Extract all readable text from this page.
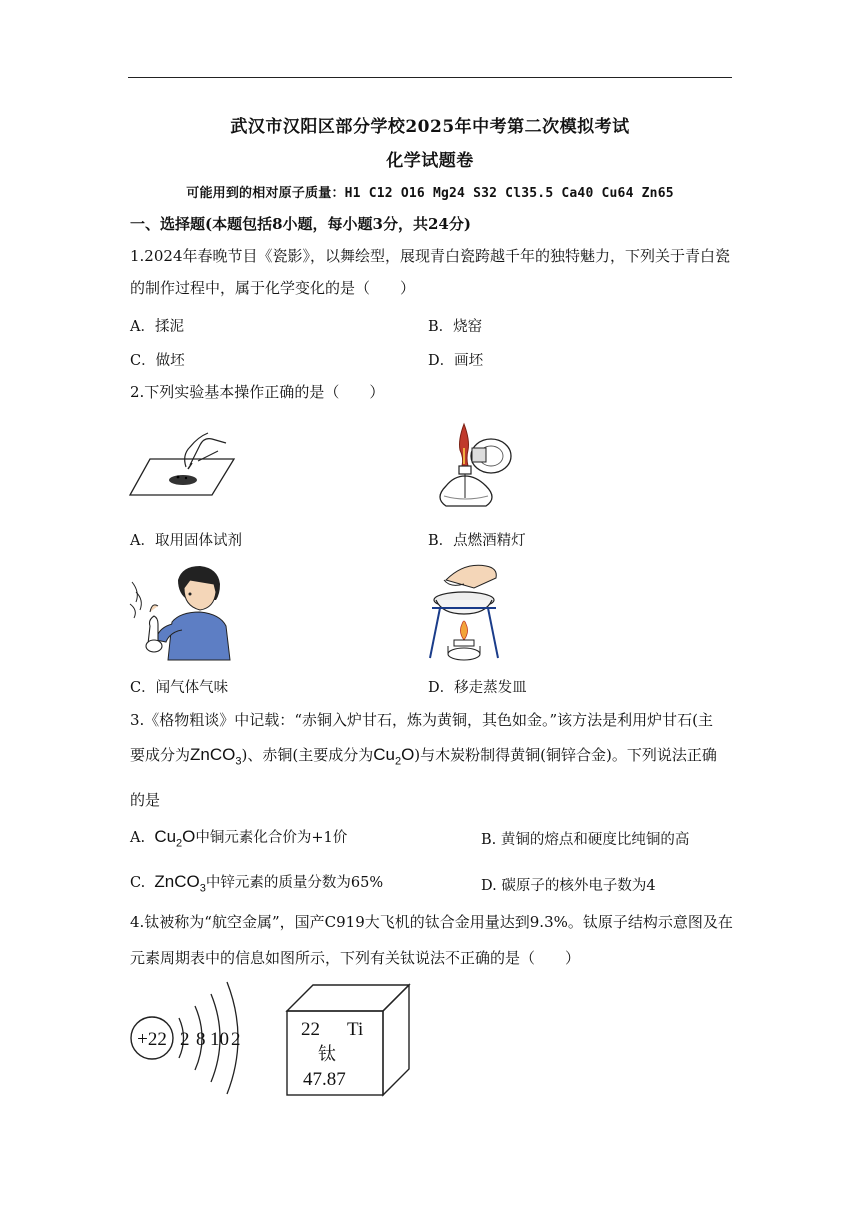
武汉市汉阳区部分学校2025年中考第二次模拟考试
化学试题卷
可能用到的相对原子质量：H1 C12 O16 Mg24 S32 Cl35.5 Ca40 Cu64 Zn65
一、选择题(本题包括8小题，每小题3分，共24分)
1.2024年春晚节目《瓷影》，以舞绘型，展现青白瓷跨越千年的独特魅力，下列关于青白瓷的制作过程中，属于化学变化的是（　　）
A．揉泥	B．烧窑
C．做坯	D．画坯
2.下列实验基本操作正确的是（　　）
A．取用固体试剂	B．点燃酒精灯
C．闻气体气味	D．移走蒸发皿
3.《格物粗谈》中记载：“赤铜入炉甘石，炼为黄铜，其色如金。”该方法是利用炉甘石(主
要成分为ZnCO$_3$)、赤铜(主要成分为$Cu_2O$)与木炭粉制得黄铜(铜锌合金)。下列说法正确
的是
A. $Cu_2O$中铜元素化合价为+1价	B. 黄铜的熔点和硬度比纯铜的高
C. ZnCO$_3$中锌元素的质量分数为65%	D. 碳原子的核外电子数为4
4.钛被称为“航空金属”，国产C919大飞机的钛合金用量达到9.3%。钛原子结构示意图及在元素周期表中的信息如图所示，下列有关钛说法不正确的是（　　）
+22 2 8 10 2	22 Ti
钛
47.87
